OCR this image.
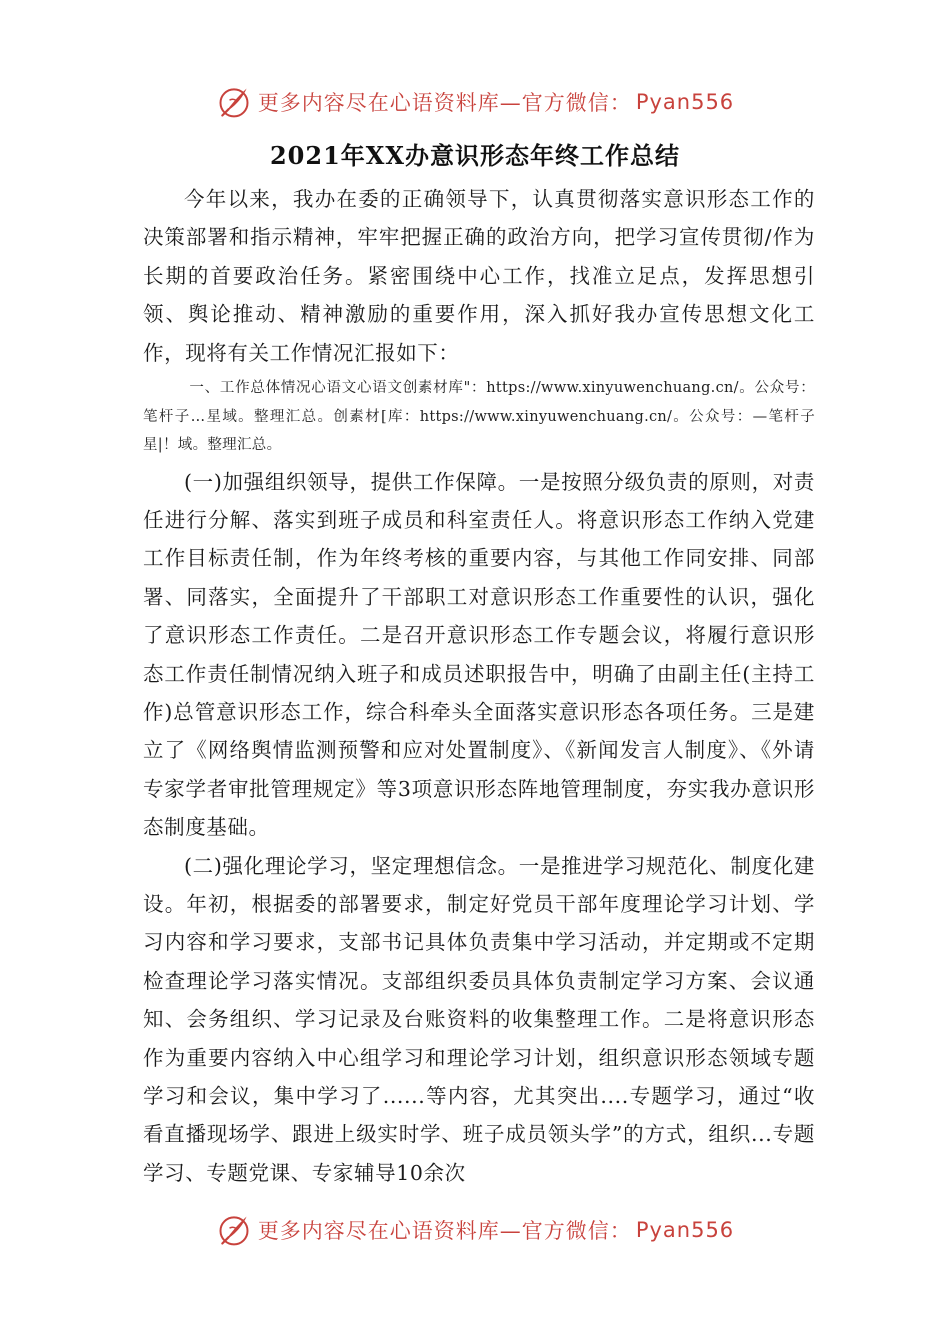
更多内容尽在心语资料库—官方微信： Pyan556
2021年XX办意识形态年终工作总结

今年以来，我办在委的正确领导下，认真贯彻落实意识形态工作的决策部署和指示精神，牢牢把握正确的政治方向，把学习宣传贯彻/作为长期的首要政治任务。紧密围绕中心工作，找准立足点，发挥思想引领、舆论推动、精神激励的重要作用，深入抓好我办宣传思想文化工作，现将有关工作情况汇报如下：

一、工作总体情况心语文心语文创素材库"：https://www.xinyuwenchuang.cn/。公众号：笔杆子…星域。整理汇总。创素材[库：https://www.xinyuwenchuang.cn/。公众号：—笔杆子星|！域。整理汇总。

(一)加强组织领导，提供工作保障。一是按照分级负责的原则，对责任进行分解、落实到班子成员和科室责任人。将意识形态工作纳入党建工作目标责任制，作为年终考核的重要内容，与其他工作同安排、同部署、同落实，全面提升了干部职工对意识形态工作重要性的认识，强化了意识形态工作责任。二是召开意识形态工作专题会议，将履行意识形态工作责任制情况纳入班子和成员述职报告中，明确了由副主任(主持工作)总管意识形态工作，综合科牵头全面落实意识形态各项任务。三是建立了《网络舆情监测预警和应对处置制度》、《新闻发言人制度》、《外请专家学者审批管理规定》等3项意识形态阵地管理制度，夯实我办意识形态制度基础。

(二)强化理论学习，坚定理想信念。一是推进学习规范化、制度化建设。年初，根据委的部署要求，制定好党员干部年度理论学习计划、学习内容和学习要求，支部书记具体负责集中学习活动，并定期或不定期检查理论学习落实情况。支部组织委员具体负责制定学习方案、会议通知、会务组织、学习记录及台账资料的收集整理工作。二是将意识形态作为重要内容纳入中心组学习和理论学习计划，组织意识形态领域专题学习和会议，集中学习了......等内容，尤其突出....专题学习，通过“收看直播现场学、跟进上级实时学、班子成员领头学”的方式，组织...专题学习、专题党课、专家辅导10余次

更多内容尽在心语资料库—官方微信： Pyan556
